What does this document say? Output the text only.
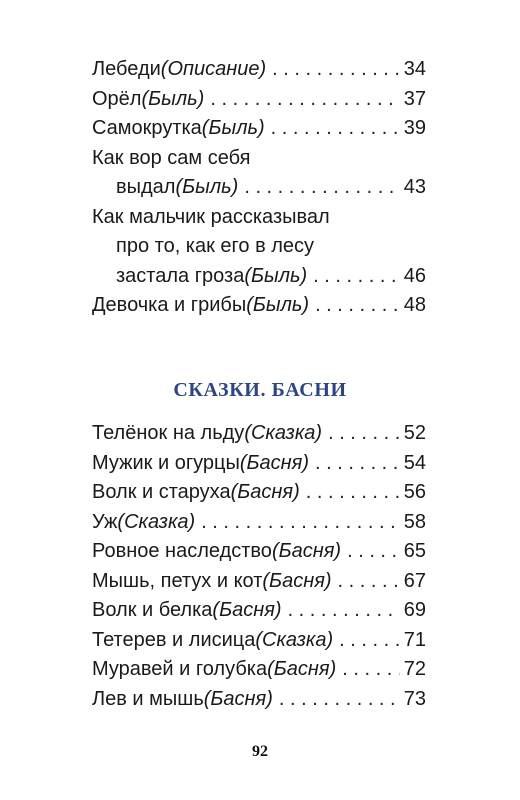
Лебеди (Описание) . . .	34
Орёл (Быль) . . .	37
Самокрутка (Быль) . . .	39
Как вор сам себя
выдал (Быль) . . .	43
Как мальчик рассказывал
про то, как его в лесу
застала гроза (Быль) . . .	46
Девочка и грибы (Быль) . . .	48
СКАЗКИ. БАСНИ
Телёнок на льду (Сказка) . . .	52
Мужик и огурцы (Басня) . . .	54
Волк и старуха (Басня) . . .	56
Уж (Сказка) . . .	58
Ровное наследство (Басня) . . .	65
Мышь, петух и кот (Басня) . . .	67
Волк и белка (Басня) . . .	69
Тетерев и лисица (Сказка) . . .	71
Муравей и голубка (Басня) . . .	72
Лев и мышь (Басня) . . .	73
92
